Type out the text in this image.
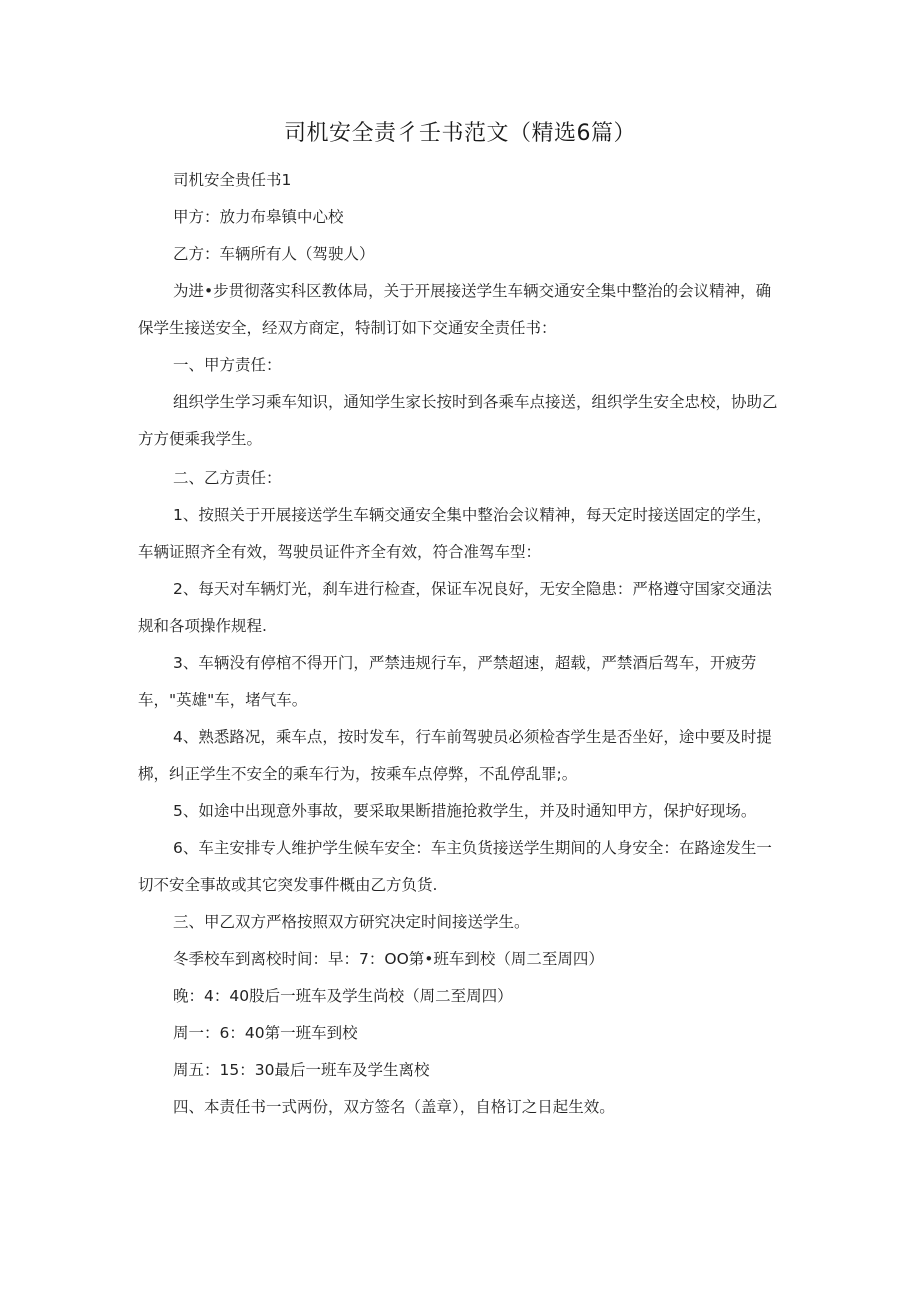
司机安全责彳壬书范文（精选6篇）

司机安全贵任书1

甲方：放力布皋镇中心校

乙方：车辆所有人（驾驶人）

为进•步贯彻落实科区教体局，关于开展接送学生车辆交通安全集中整治的会议精神，确保学生接送安全，经双方商定，特制订如下交通安全责任书：

一、甲方责任：

组织学生学习乘车知识，通知学生家长按时到各乘车点接送，组织学生安全忠校，协助乙方方便乘我学生。

二、乙方责任：

1、按照关于开展接送学生车辆交通安全集中整治会议精神，每天定时接送固定的学生，车辆证照齐全有效，驾驶员证件齐全有效，符合准驾车型：

2、每天对车辆灯光，刹车进行检查，保证车况良好，无安全隐患：严格遵守国家交通法规和各项操作规程.

3、车辆没有停棺不得开门，严禁违规行车，严禁超速，超载，严禁酒后驾车，开疲劳车，"英雄"车，堵气车。

4、熟悉路况，乘车点，按时发车，行车前驾驶员必须检杳学生是否坐好，途中要及时提梆，纠正学生不安全的乘车行为，按乘车点停弊，不乱停乱罪;。

5、如途中出现意外事故，要采取果断措施抢救学生，并及时通知甲方，保护好现场。

6、车主安排专人维护学生候车安全：车主负货接送学生期间的人身安全：在路途发生一切不安全事故或其它突发事件概由乙方负货.

三、甲乙双方严格按照双方研究决定时间接送学生。

冬季校车到离校时间：早：7：OO第•班车到校（周二至周四）

晚：4：40股后一班车及学生尚校（周二至周四）

周一：6：40第一班车到校

周五：15：30最后一班车及学生离校

四、本责任书一式两份，双方签名（盖章），自格订之日起生效。
